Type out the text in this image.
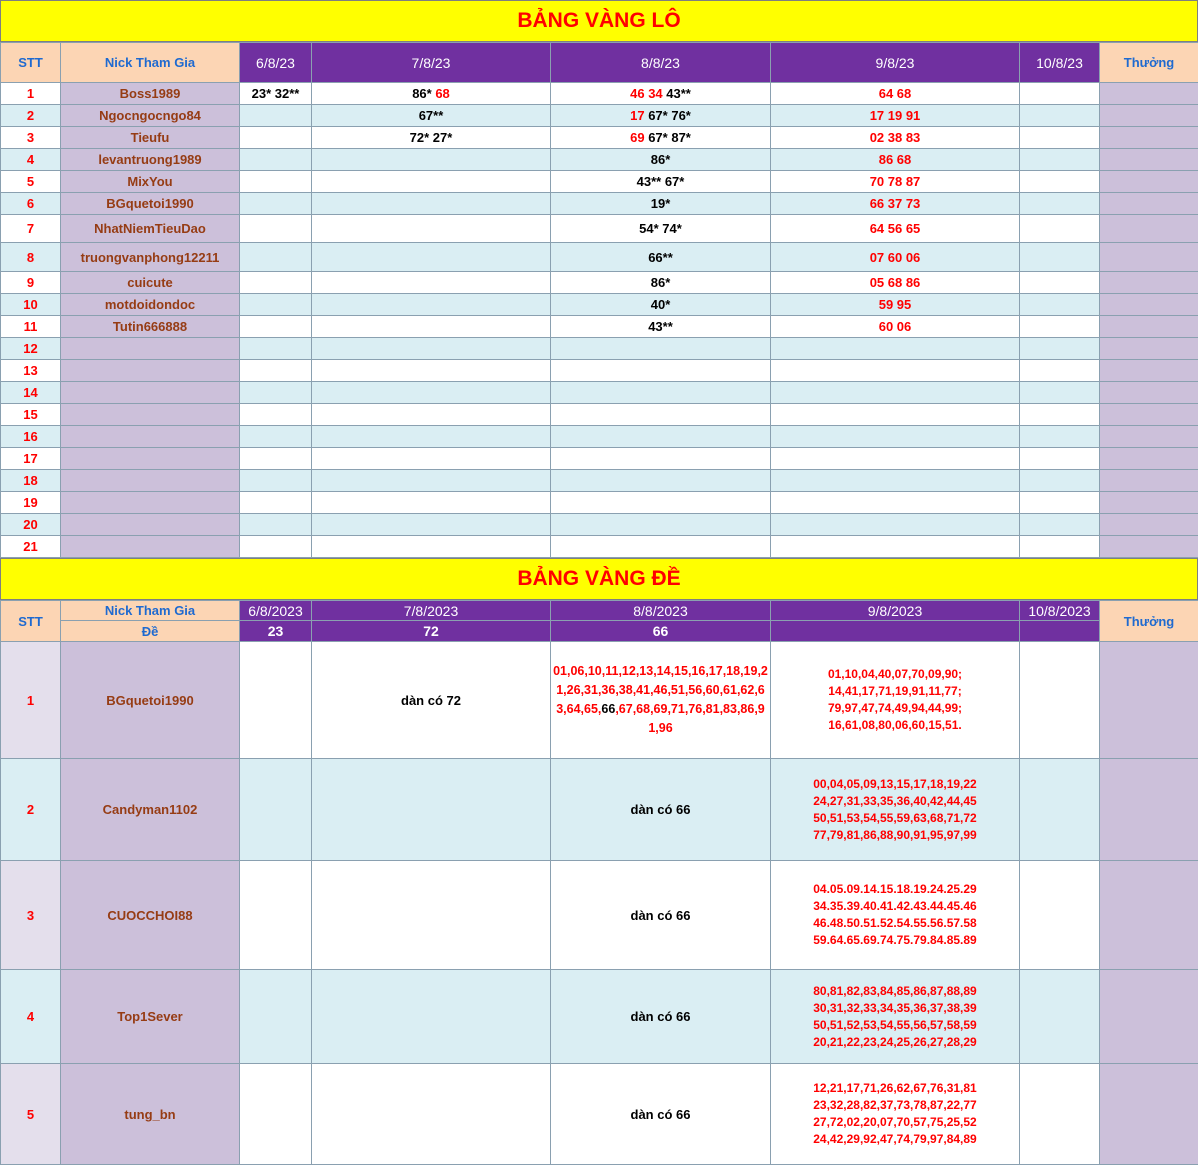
BẢNG VÀNG LÔ
STT	Nick Tham Gia	6/8/23	7/8/23	8/8/23	9/8/23	10/8/23	Thưởng
1	Boss1989	23* 32**	86* 68	46 34 43**	64 68		
2	Ngocngocngo84		67**	17 67* 76*	17 19 91		
3	Tieufu		72* 27*	69 67* 87*	02 38 83		
4	levantruong1989			86*	86 68		
5	MixYou			43** 67*	70 78 87		
6	BGquetoi1990			19*	66 37 73		
7	NhatNiemTieuDao			54* 74*	64 56 65		
8	truongvanphong12211			66**	07 60 06		
9	cuicute			86*	05 68 86		
10	motdoidondoc			40*	59 95		
11	Tutin666888			43**	60 06		
12							
13							
14							
15							
16							
17							
18							
19							
20							
21							
BẢNG VÀNG ĐỀ
STT	Nick Tham Gia	6/8/2023	7/8/2023	8/8/2023	9/8/2023	10/8/2023	Thưởng
	Đề	23	72	66			
1	BGquetoi1990		dàn có 72	01,06,10,11,12,13,14,15,16,17,18,19,21,26,31,36,38,41,46,51,56,60,61,62,63,64,65,66,67,68,69,71,76,81,83,86,91,96	01,10,04,40,07,70,09,90;
14,41,17,71,19,91,11,77;
79,97,47,74,49,94,44,99;
16,61,08,80,06,60,15,51.		

2	Candyman1102			dàn có 66	00,04,05,09,13,15,17,18,19,22
24,27,31,33,35,36,40,42,44,45
50,51,53,54,55,59,63,68,71,72
77,79,81,86,88,90,91,95,97,99		

3	CUOCCHOI88			dàn có 66	04.05.09.14.15.18.19.24.25.29
34.35.39.40.41.42.43.44.45.46
46.48.50.51.52.54.55.56.57.58
59.64.65.69.74.75.79.84.85.89		

4	Top1Sever			dàn có 66	80,81,82,83,84,85,86,87,88,89
30,31,32,33,34,35,36,37,38,39
50,51,52,53,54,55,56,57,58,59
20,21,22,23,24,25,26,27,28,29		

5	tung_bn			dàn có 66	12,21,17,71,26,62,67,76,31,81
23,32,28,82,37,73,78,87,22,77
27,72,02,20,07,70,57,75,25,52
24,42,29,92,47,74,79,97,84,89		
